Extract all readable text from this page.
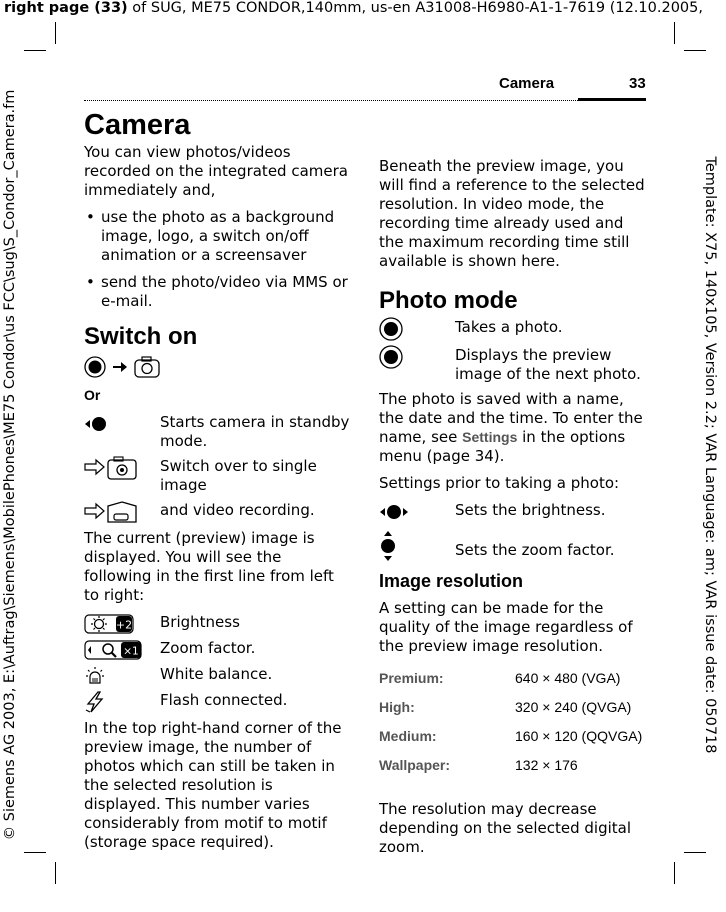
right page (33) of SUG, ME75 CONDOR,140mm, us-en A31008-H6980-A1-1-7619 (12.10.2005,
© Siemens AG 2003, E:\Auftrag\Siemens\MobilePhones\ME75 Condor\us FCC\sug\S_Condor_Camera.fm	Template: X75, 140x105, Version 2.2; VAR Language: am; VAR issue date: 050718
Camera	33
Camera

You can view photos/videos recorded on the integrated camera immediately and,

• use the photo as a background image, logo, a switch on/off animation or a screensaver
• send the photo/video via MMS or e-mail.
Switch on
Or
Starts camera in standby mode.
Switch over to single image
and video recording.

The current (preview) image is displayed. You will see the following in the first line from left to right:

+2 Brightness
×1 Zoom factor.
White balance.
Flash connected.

In the top right-hand corner of the preview image, the number of photos which can still be taken in the selected resolution is displayed. This number varies considerably from motif to motif (storage space required).

Beneath the preview image, you will find a reference to the selected resolution. In video mode, the recording time already used and the maximum recording time still available is shown here.

Photo mode
Takes a photo.
Displays the preview image of the next photo.

The photo is saved with a name, the date and the time. To enter the name, see Settings in the options menu (page 34).

Settings prior to taking a photo:

Sets the brightness.
Sets the zoom factor.
Image resolution

A setting can be made for the quality of the image regardless of the preview image resolution.

Premium:	640 × 480 (VGA)
High:	320 × 240 (QVGA)
Medium:	160 × 120 (QQVGA)
Wallpaper:	132 × 176

The resolution may decrease depending on the selected digital zoom.
